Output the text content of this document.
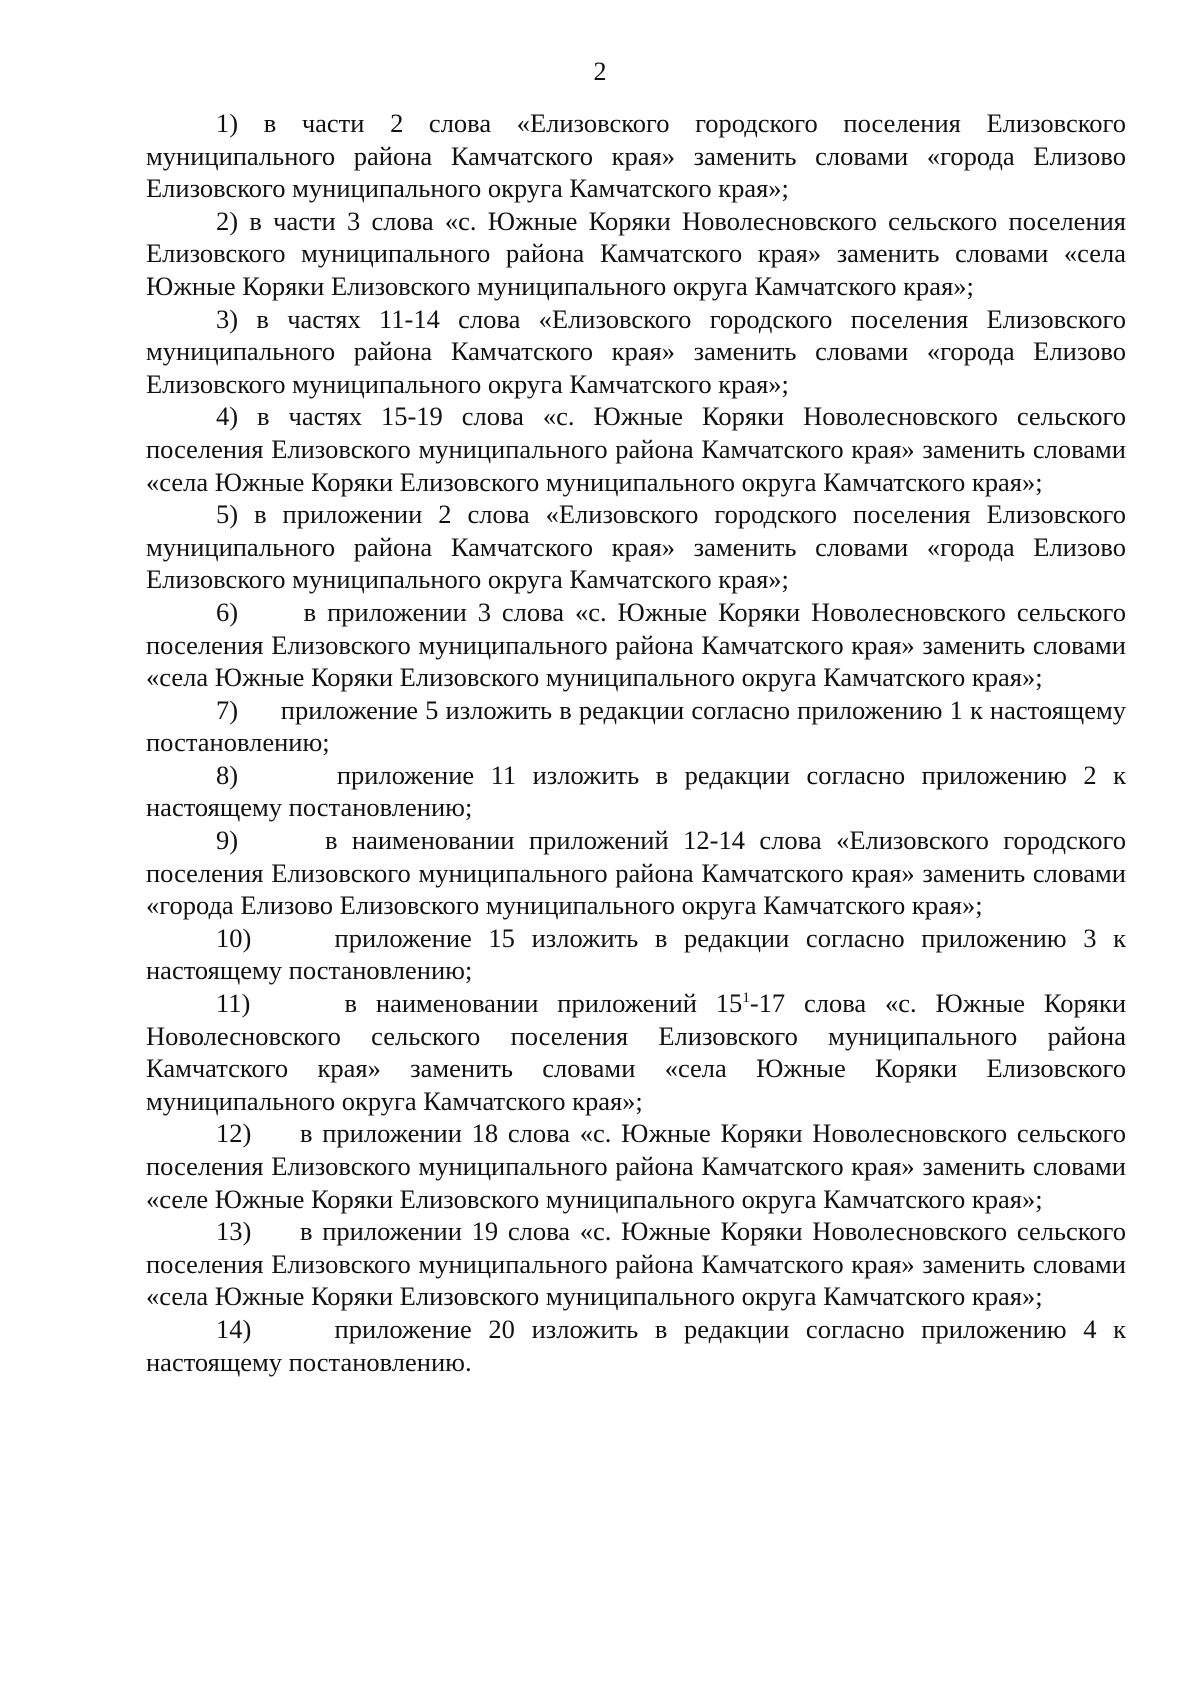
2

1) в части 2 слова «Елизовского городского поселения Елизовского муниципального района Камчатского края» заменить словами «города Елизово Елизовского муниципального округа Камчатского края»;

2) в части 3 слова «с. Южные Коряки Новолесновского сельского поселения Елизовского муниципального района Камчатского края» заменить словами «села Южные Коряки Елизовского муниципального округа Камчатского края»;

3) в частях 11-14 слова «Елизовского городского поселения Елизовского муниципального района Камчатского края» заменить словами «города Елизово Елизовского муниципального округа Камчатского края»;

4) в частях 15-19 слова «с. Южные Коряки Новолесновского сельского поселения Елизовского муниципального района Камчатского края» заменить словами «села Южные Коряки Елизовского муниципального округа Камчатского края»;

5) в приложении 2 слова «Елизовского городского поселения Елизовского муниципального района Камчатского края» заменить словами «города Елизово Елизовского муниципального округа Камчатского края»;

6) в приложении 3 слова «с. Южные Коряки Новолесновского сельского поселения Елизовского муниципального района Камчатского края» заменить словами «села Южные Коряки Елизовского муниципального округа Камчатского края»;

7) приложение 5 изложить в редакции согласно приложению 1 к настоящему постановлению;

8)	приложение 11 изложить в редакции согласно приложению 2 к настоящему постановлению;

9)	в наименовании приложений 12-14 слова «Елизовского городского поселения Елизовского муниципального района Камчатского края» заменить словами «города Елизово Елизовского муниципального округа Камчатского края»;

10)	приложение 15 изложить в редакции согласно приложению 3 к настоящему постановлению;

11)	в наименовании приложений $15^1-17$ слова «с. Южные Коряки Новолесновского сельского поселения Елизовского муниципального района Камчатского края» заменить словами «села Южные Коряки Елизовского муниципального округа Камчатского края»;

12) в приложении 18 слова «с. Южные Коряки Новолесновского сельского поселения Елизовского муниципального района Камчатского края» заменить словами «селе Южные Коряки Елизовского муниципального округа Камчатского края»;

13) в приложении 19 слова «с. Южные Коряки Новолесновского сельского поселения Елизовского муниципального района Камчатского края» заменить словами «села Южные Коряки Елизовского муниципального округа Камчатского края»;

14)	приложение 20 изложить в редакции согласно приложению 4 к настоящему постановлению.
